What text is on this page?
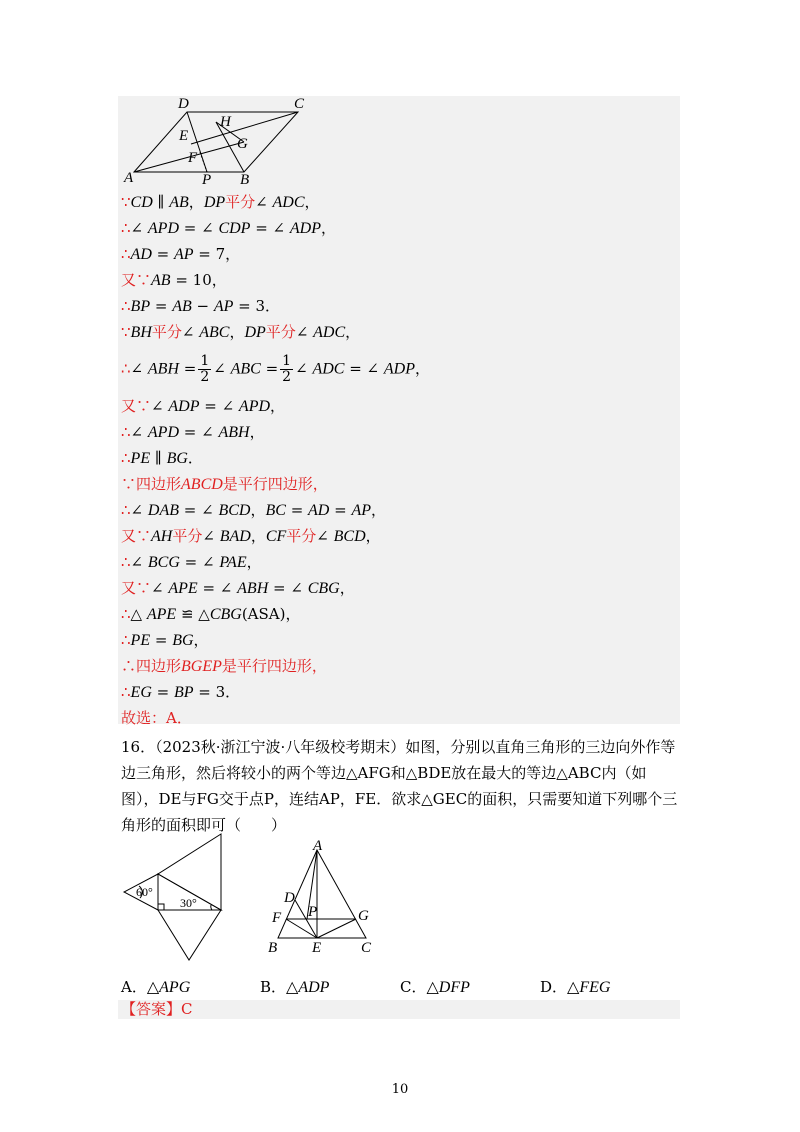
A
D	C
B
P
E
H
G
F
∵CD ∥ AB，DP平分∠ ADC，
∴∠ APD = ∠ CDP = ∠ ADP，
∴AD = AP = 7，
又∵AB = 10，
∴BP = AB − AP = 3．
∵BH平分∠ ABC，DP平分∠ ADC，
∴∠ ABH = $\frac{1}{2}$ ∠ ABC = $\frac{1}{2}$ ∠ ADC = ∠ ADP，
又∵∠ ADP = ∠ APD，
∴∠ APD = ∠ ABH，
∴PE ∥ BG．
∵四边形ABCD是平行四边形，
∴∠ DAB = ∠ BCD，BC = AD = AP，
又∵AH平分∠ BAD，CF平分∠ BCD，
∴∠ BCG = ∠ PAE，
又∵∠ APE = ∠ ABH = ∠ CBG，
∴△ APE ≌ △CBG(ASA)，
∴PE = BG，
∴四边形BGEP是平行四边形，
∴EG = BP = 3．
故选：A．
16．（2023秋·浙江宁波·八年级校考期末）如图，分别以直角三角形的三边向外作等边三角形，然后将较小的两个等边△AFG和△BDE放在最大的等边△ABC内（如图），DE与FG交于点P，连结AP，FE．欲求△GEC的面积，只需要知道下列哪个三角形的面积即可（　　）
60°
30°
A
B	C
D
E
F	G
P
A．△APG	B．△ADP	C．△DFP	D．△FEG
【答案】C
10
